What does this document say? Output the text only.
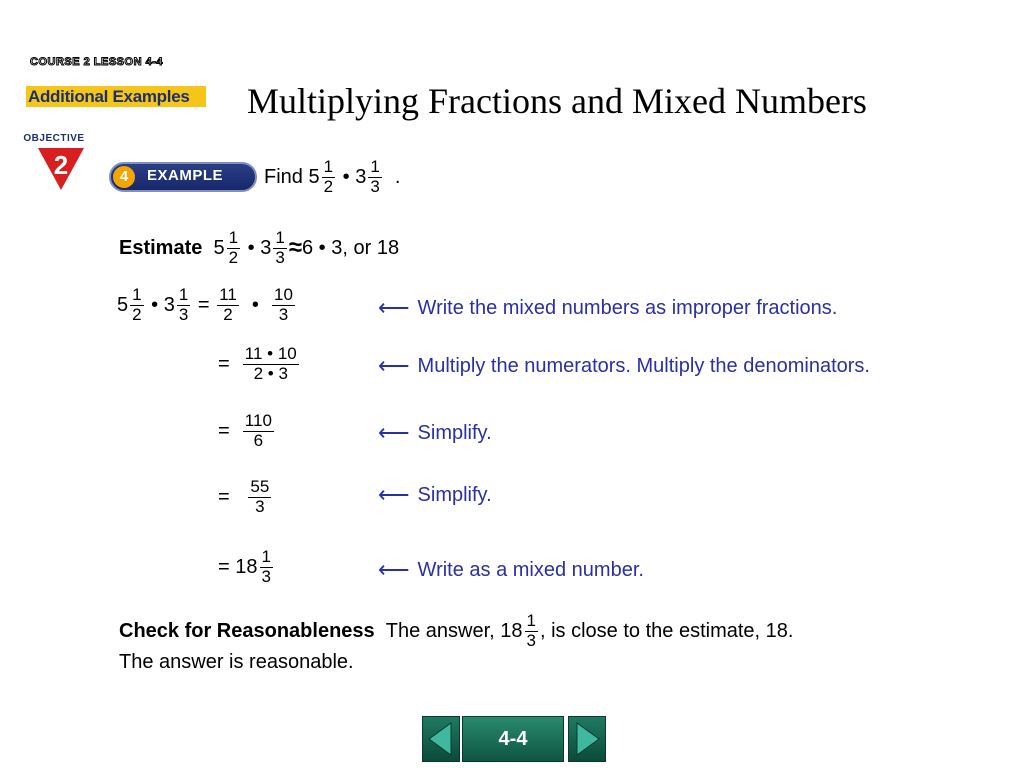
COURSE 2 LESSON 4-4
Additional Examples	Multiplying Fractions and Mixed Numbers
OBJECTIVE
2	4	EXAMPLE Find
$5 \frac{1}{2}$
•
$3 \frac{1}{3}$
.
Estimate
$5 \frac{1}{2}$
•
$3 \frac{1}{3} \approx 6$ • 3, or 18
$5 \frac{1}{2}$
•
$3 \frac{1}{3} = \frac{11}{2}$
•
$\frac{10}{3}$	⟵ Write the mixed numbers as improper fractions.
= $\frac{11 • 10}{2 • 3}$	⟵ Multiply the numerators. Multiply the denominators.
= $\frac{110}{6}$	⟵ Simplify.
= $\frac{55}{3}$	⟵ Simplify.
= $18 \frac{1}{3}$	⟵ Write as a mixed number.
Check for Reasonableness
The answer, $18 \frac{1}{3}$ , is close to the estimate, 18.
The answer is reasonable.
4-4
